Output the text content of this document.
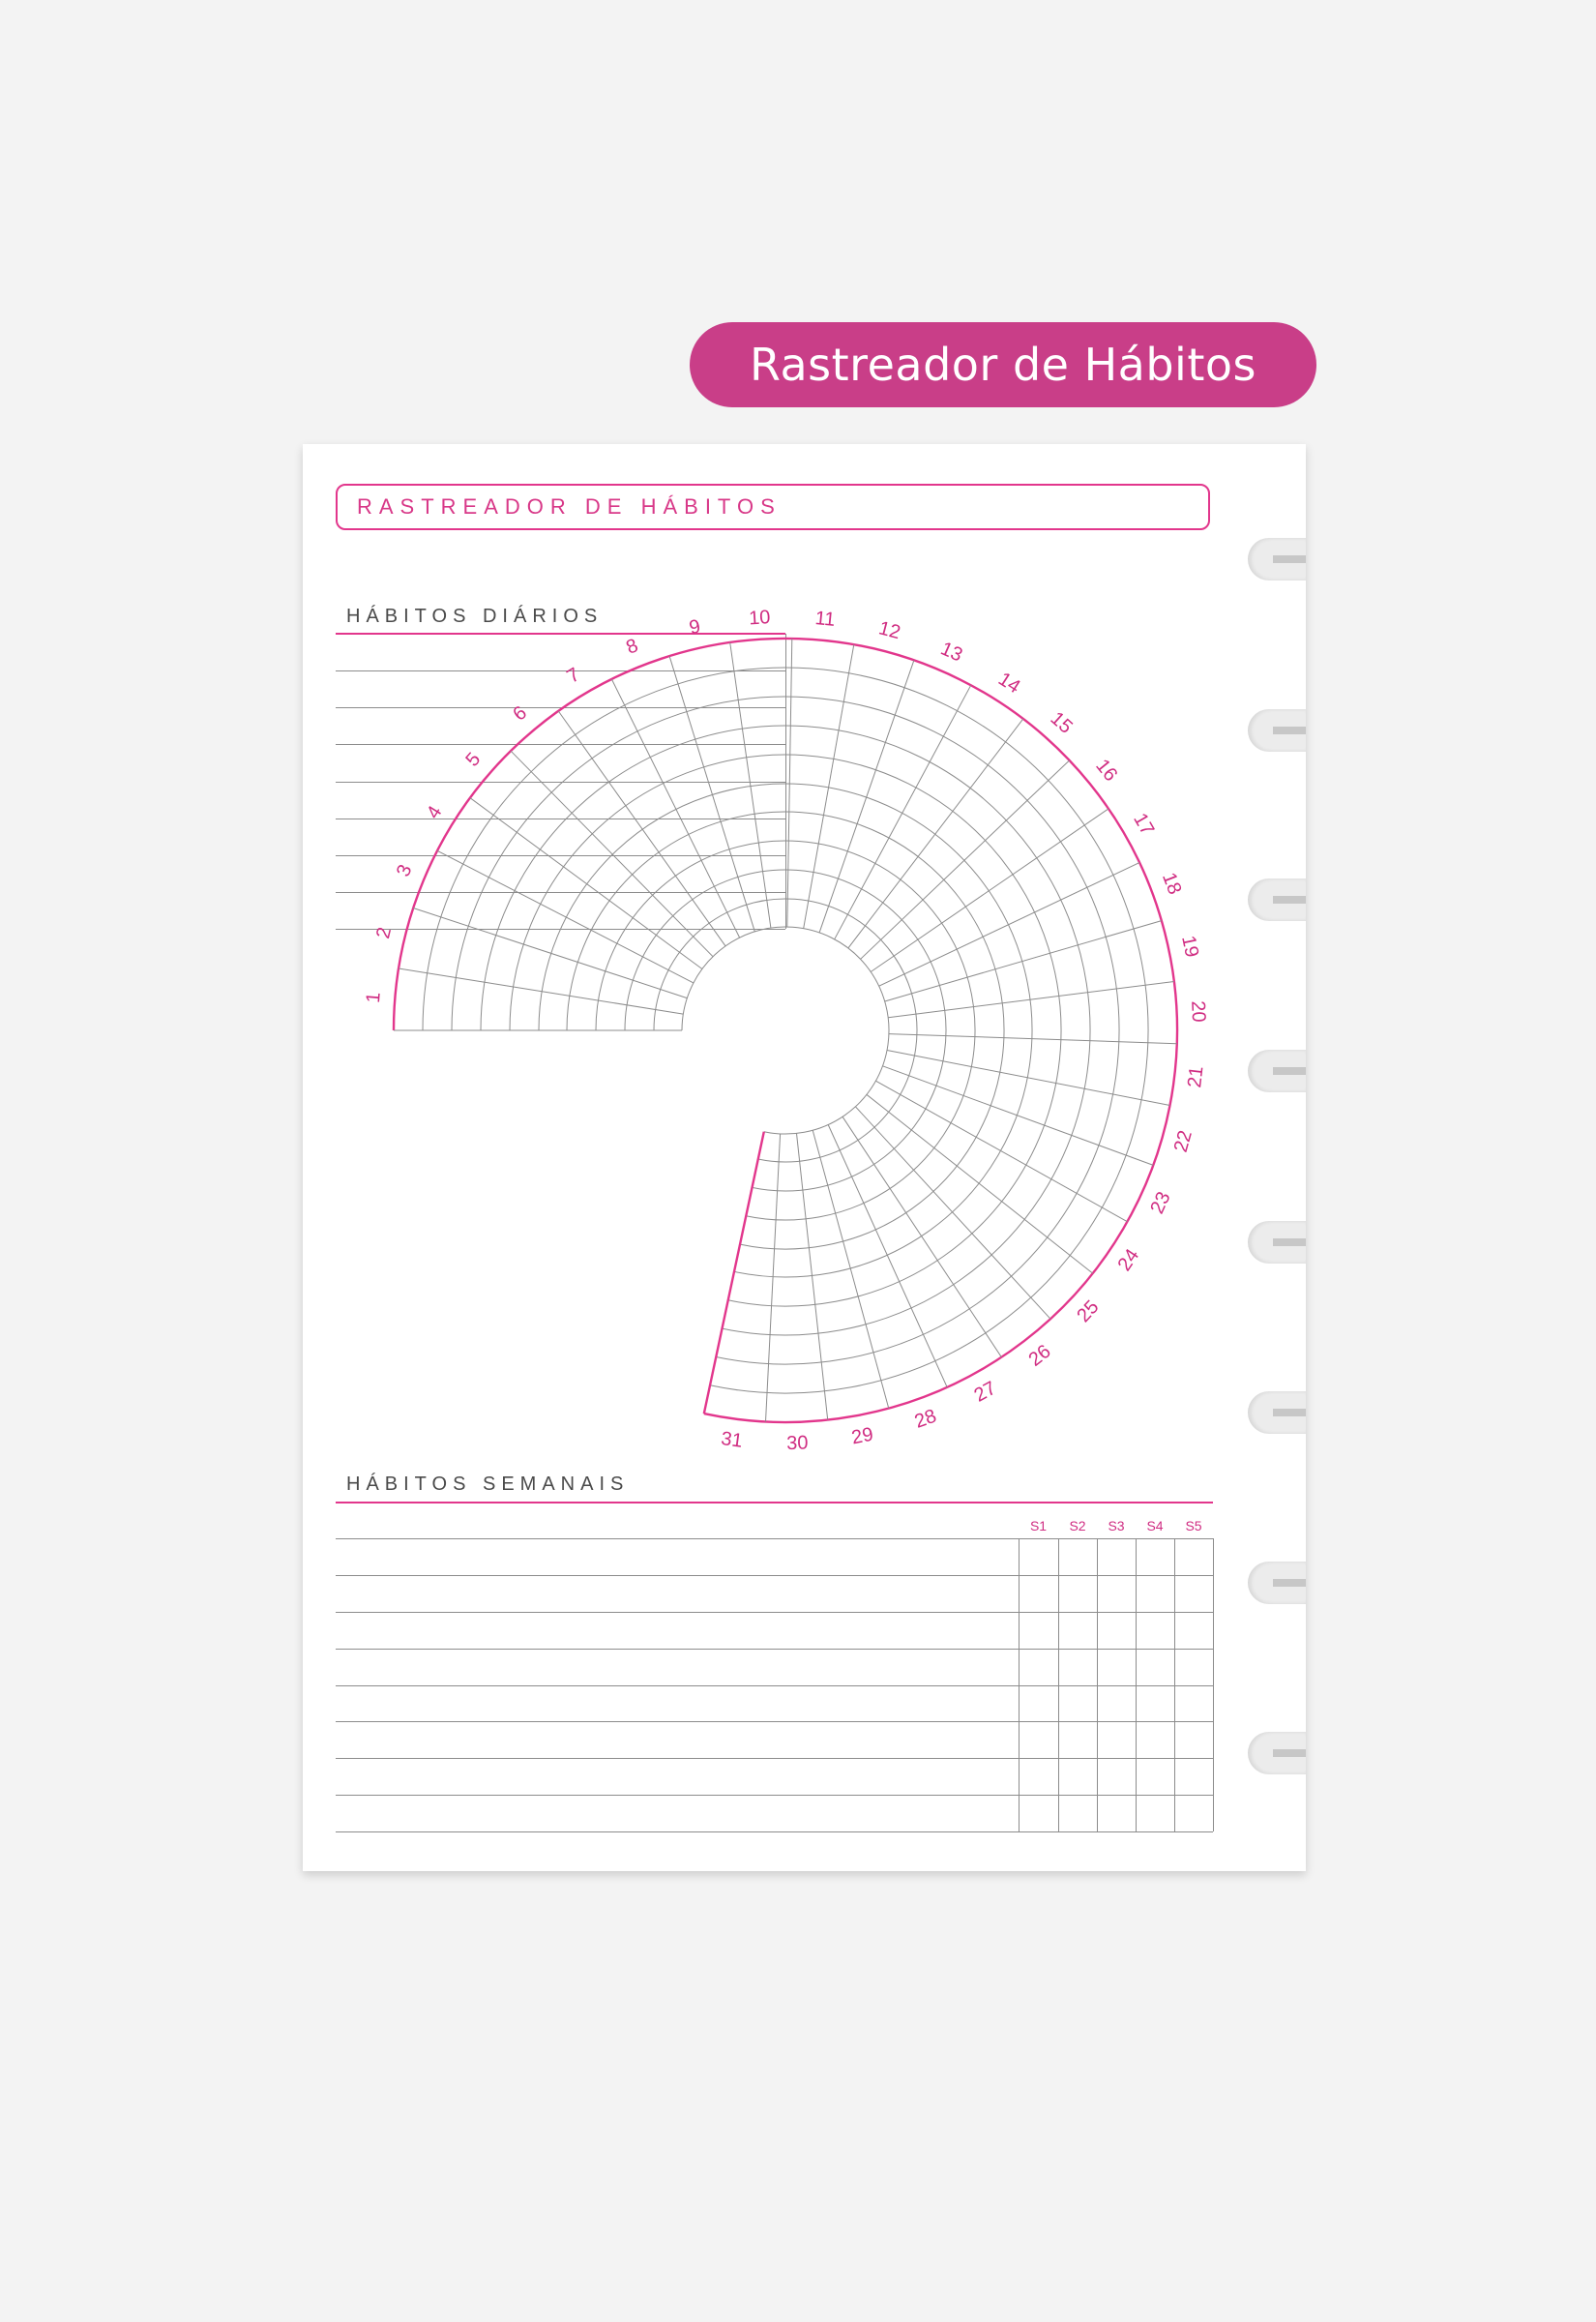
Rastreador de Hábitos
RASTREADOR DE HÁBITOS
HÁBITOS DIÁRIOS
1
2
3
4
5
6
7
8
9 10 11 12
13
14
15
16
17
18
19
20
21
22
23
24
25
26
27
28
29
30
31
HÁBITOS SEMANAIS
S1	S2	S3	S4	S5
